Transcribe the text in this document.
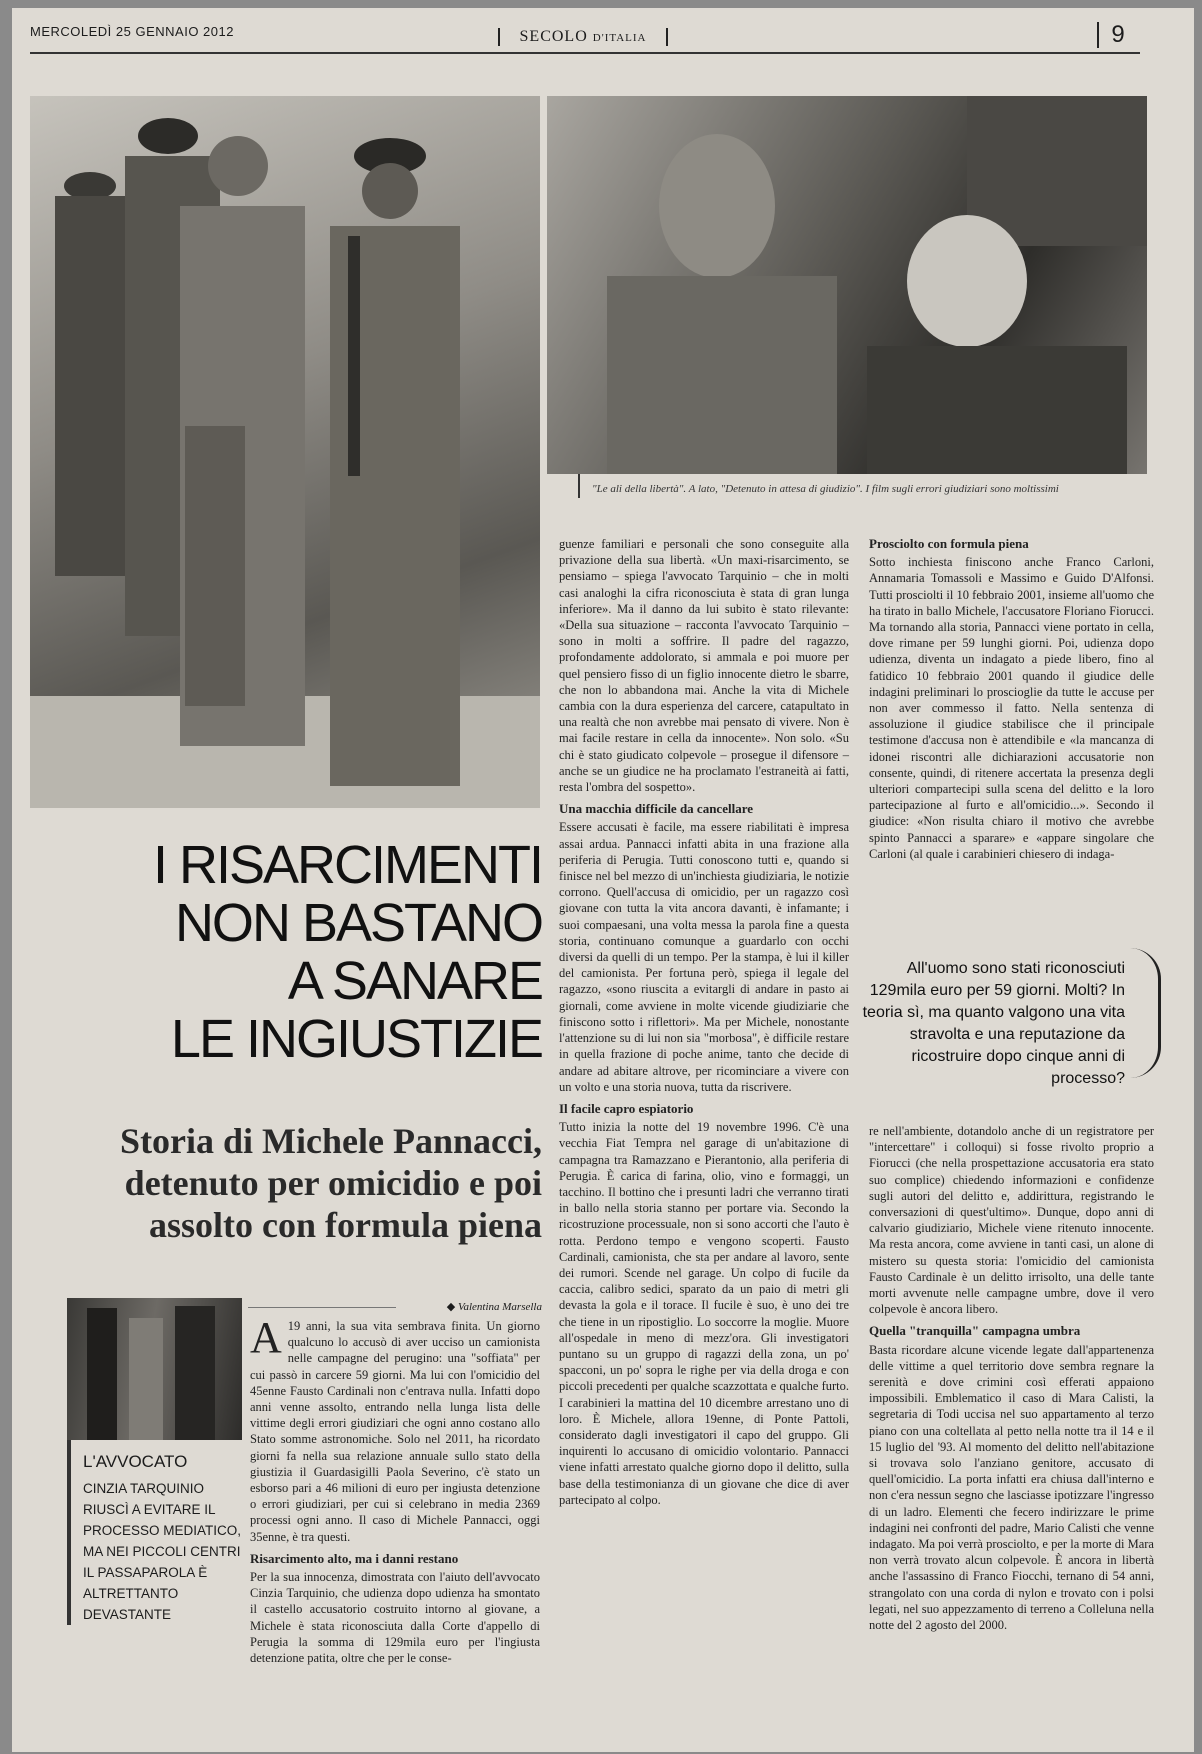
MERCOLEDÌ 25 GENNAIO 2012	SECOLO D'ITALIA	9
"Le ali della libertà". A lato, "Detenuto in attesa di giudizio". I film sugli errori giudiziari sono moltissimi
I RISARCIMENTI
NON BASTANO
A SANARE
LE INGIUSTIZIE
Storia di Michele Pannacci,
detenuto per omicidio e poi
assolto con formula piena
L'AVVOCATO
CINZIA TARQUINIO RIUSCÌ A EVITARE IL PROCESSO MEDIATICO, MA NEI PICCOLI CENTRI IL PASSAPAROLA È ALTRETTANTO DEVASTANTE
◆ Valentina Marsella

A 19 anni, la sua vita sembrava finita. Un giorno qualcuno lo accusò di aver ucciso un camionista nelle campagne del perugino: una "soffiata" per cui passò in carcere 59 giorni. Ma lui con l'omicidio del 45enne Fausto Cardinali non c'entrava nulla. Infatti dopo anni venne assolto, entrando nella lunga lista delle vittime degli errori giudiziari che ogni anno costano allo Stato somme astronomiche. Solo nel 2011, ha ricordato giorni fa nella sua relazione annuale sullo stato della giustizia il Guardasigilli Paola Severino, c'è stato un esborso pari a 46 milioni di euro per ingiusta detenzione o errori giudiziari, per cui si celebrano in media 2369 processi ogni anno. Il caso di Michele Pannacci, oggi 35enne, è tra questi.

Risarcimento alto, ma i danni restano

Per la sua innocenza, dimostrata con l'aiuto dell'avvocato Cinzia Tarquinio, che udienza dopo udienza ha smontato il castello accusatorio costruito intorno al giovane, a Michele è stata riconosciuta dalla Corte d'appello di Perugia la somma di 129mila euro per l'ingiusta detenzione patita, oltre che per le conse-

guenze familiari e personali che sono conseguite alla privazione della sua libertà. «Un maxi-risarcimento, se pensiamo – spiega l'avvocato Tarquinio – che in molti casi analoghi la cifra riconosciuta è stata di gran lunga inferiore». Ma il danno da lui subito è stato rilevante: «Della sua situazione – racconta l'avvocato Tarquinio – sono in molti a soffrire. Il padre del ragazzo, profondamente addolorato, si ammala e poi muore per quel pensiero fisso di un figlio innocente dietro le sbarre, che non lo abbandona mai. Anche la vita di Michele cambia con la dura esperienza del carcere, catapultato in una realtà che non avrebbe mai pensato di vivere. Non è mai facile restare in cella da innocente». Non solo. «Su chi è stato giudicato colpevole – prosegue il difensore – anche se un giudice ne ha proclamato l'estraneità ai fatti, resta l'ombra del sospetto».

Una macchia difficile da cancellare

Essere accusati è facile, ma essere riabilitati è impresa assai ardua. Pannacci infatti abita in una frazione alla periferia di Perugia. Tutti conoscono tutti e, quando si finisce nel bel mezzo di un'inchiesta giudiziaria, le notizie corrono. Quell'accusa di omicidio, per un ragazzo così giovane con tutta la vita ancora davanti, è infamante; i suoi compaesani, una volta messa la parola fine a questa storia, continuano comunque a guardarlo con occhi diversi da quelli di un tempo. Per la stampa, è lui il killer del camionista. Per fortuna però, spiega il legale del ragazzo, «sono riuscita a evitargli di andare in pasto ai giornali, come avviene in molte vicende giudiziarie che finiscono sotto i riflettori». Ma per Michele, nonostante l'attenzione su di lui non sia "morbosa", è difficile restare in quella frazione di poche anime, tanto che decide di andare ad abitare altrove, per ricominciare a vivere con un volto e una storia nuova, tutta da riscrivere.

Il facile capro espiatorio

Tutto inizia la notte del 19 novembre 1996. C'è una vecchia Fiat Tempra nel garage di un'abitazione di campagna tra Ramazzano e Pierantonio, alla periferia di Perugia. È carica di farina, olio, vino e formaggi, un tacchino. Il bottino che i presunti ladri che verranno tirati in ballo nella storia stanno per portare via. Secondo la ricostruzione processuale, non si sono accorti che l'auto è rotta. Perdono tempo e vengono scoperti. Fausto Cardinali, camionista, che sta per andare al lavoro, sente dei rumori. Scende nel garage. Un colpo di fucile da caccia, calibro sedici, sparato da un paio di metri gli devasta la gola e il torace. Il fucile è suo, è uno dei tre che tiene in un ripostiglio. Lo soccorre la moglie. Muore all'ospedale in meno di mezz'ora. Gli investigatori puntano su un gruppo di ragazzi della zona, un po' spacconi, un po' sopra le righe per via della droga e con piccoli precedenti per qualche scazzottata e qualche furto. I carabinieri la mattina del 10 dicembre arrestano uno di loro. È Michele, allora 19enne, di Ponte Pattoli, considerato dagli investigatori il capo del gruppo. Gli inquirenti lo accusano di omicidio volontario. Pannacci viene infatti arrestato qualche giorno dopo il delitto, sulla base della testimonianza di un giovane che dice di aver partecipato al colpo.

Prosciolto con formula piena

Sotto inchiesta finiscono anche Franco Carloni, Annamaria Tomassoli e Massimo e Guido D'Alfonsi. Tutti prosciolti il 10 febbraio 2001, insieme all'uomo che ha tirato in ballo Michele, l'accusatore Floriano Fiorucci. Ma tornando alla storia, Pannacci viene portato in cella, dove rimane per 59 lunghi giorni. Poi, udienza dopo udienza, diventa un indagato a piede libero, fino al fatidico 10 febbraio 2001 quando il giudice delle indagini preliminari lo proscioglie da tutte le accuse per non aver commesso il fatto. Nella sentenza di assoluzione il giudice stabilisce che il principale testimone d'accusa non è attendibile e «la mancanza di idonei riscontri alle dichiarazioni accusatorie non consente, quindi, di ritenere accertata la presenza degli ulteriori compartecipi sulla scena del delitto e la loro partecipazione al furto e all'omicidio...». Secondo il giudice: «Non risulta chiaro il motivo che avrebbe spinto Pannacci a sparare» e «appare singolare che Carloni (al quale i carabinieri chiesero di indaga-

All'uomo sono stati riconosciuti 129mila euro per 59 giorni. Molti? In teoria sì, ma quanto valgono una vita stravolta e una reputazione da ricostruire dopo cinque anni di processo?

re nell'ambiente, dotandolo anche di un registratore per "intercettare" i colloqui) si fosse rivolto proprio a Fiorucci (che nella prospettazione accusatoria era stato suo complice) chiedendo informazioni e confidenze sugli autori del delitto e, addirittura, registrando le conversazioni di quest'ultimo». Dunque, dopo anni di calvario giudiziario, Michele viene ritenuto innocente. Ma resta ancora, come avviene in tanti casi, un alone di mistero su questa storia: l'omicidio del camionista Fausto Cardinale è un delitto irrisolto, una delle tante morti avvenute nelle campagne umbre, dove il vero colpevole è ancora libero.

Quella "tranquilla" campagna umbra

Basta ricordare alcune vicende legate dall'appartenenza delle vittime a quel territorio dove sembra regnare la serenità e dove crimini così efferati appaiono impossibili. Emblematico il caso di Mara Calisti, la segretaria di Todi uccisa nel suo appartamento al terzo piano con una coltellata al petto nella notte tra il 14 e il 15 luglio del '93. Al momento del delitto nell'abitazione si trovava solo l'anziano genitore, accusato di quell'omicidio. La porta infatti era chiusa dall'interno e non c'era nessun segno che lasciasse ipotizzare l'ingresso di un ladro. Elementi che fecero indirizzare le prime indagini nei confronti del padre, Mario Calisti che venne indagato. Ma poi verrà prosciolto, e per la morte di Mara non verrà trovato alcun colpevole. È ancora in libertà anche l'assassino di Franco Fiocchi, ternano di 54 anni, strangolato con una corda di nylon e trovato con i polsi legati, nel suo appezzamento di terreno a Colleluna nella notte del 2 agosto del 2000.
